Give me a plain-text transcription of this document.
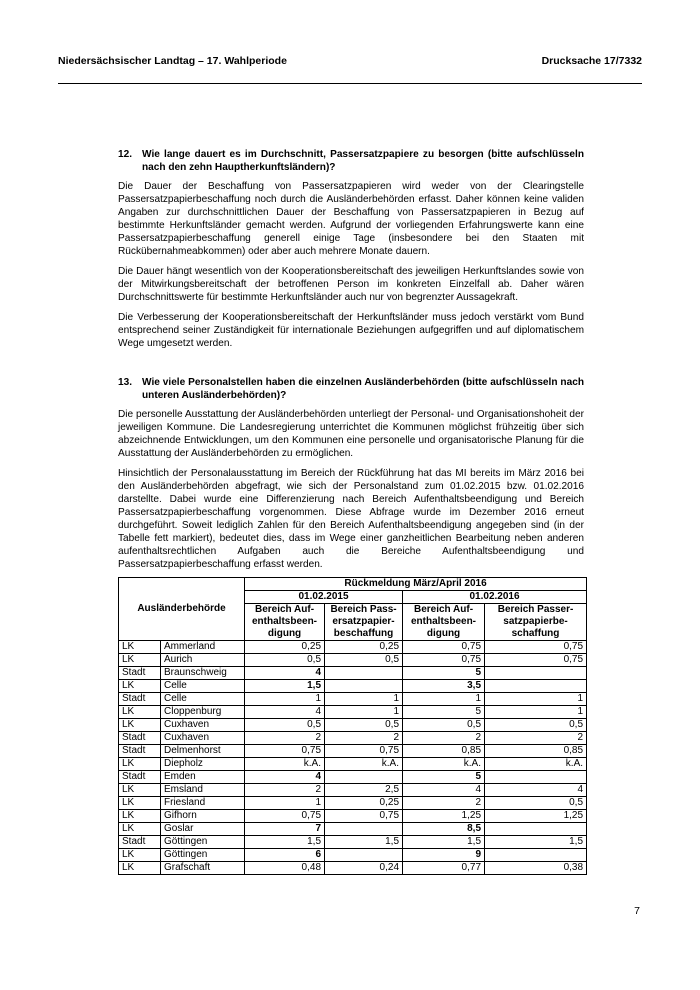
Niedersächsischer Landtag – 17. Wahlperiode	Drucksache 17/7332
12. Wie lange dauert es im Durchschnitt, Passersatzpapiere zu besorgen (bitte aufschlüsseln nach den zehn Hauptherkunftsländern)?

Die Dauer der Beschaffung von Passersatzpapieren wird weder von der Clearingstelle Passersatzpapierbeschaffung noch durch die Ausländerbehörden erfasst. Daher können keine validen Angaben zur durchschnittlichen Dauer der Beschaffung von Passersatzpapieren in Bezug auf bestimmte Herkunftsländer gemacht werden. Aufgrund der vorliegenden Erfahrungswerte kann eine Passersatzpapierbeschaffung generell einige Tage (insbesondere bei den Staaten mit Rückübernahmeabkommen) oder aber auch mehrere Monate dauern.

Die Dauer hängt wesentlich von der Kooperationsbereitschaft des jeweiligen Herkunftslandes sowie von der Mitwirkungsbereitschaft der betroffenen Person im konkreten Einzelfall ab. Daher wären Durchschnittswerte für bestimmte Herkunftsländer auch nur von begrenzter Aussagekraft.

Die Verbesserung der Kooperationsbereitschaft der Herkunftsländer muss jedoch verstärkt vom Bund entsprechend seiner Zuständigkeit für internationale Beziehungen aufgegriffen und auf diplomatischem Wege umgesetzt werden.

13. Wie viele Personalstellen haben die einzelnen Ausländerbehörden (bitte aufschlüsseln nach unteren Ausländerbehörden)?

Die personelle Ausstattung der Ausländerbehörden unterliegt der Personal- und Organisationshoheit der jeweiligen Kommune. Die Landesregierung unterrichtet die Kommunen möglichst frühzeitig über sich abzeichnende Entwicklungen, um den Kommunen eine personelle und organisatorische Planung für die Ausstattung der Ausländerbehörden zu ermöglichen.

Hinsichtlich der Personalausstattung im Bereich der Rückführung hat das MI bereits im März 2016 bei den Ausländerbehörden abgefragt, wie sich der Personalstand zum 01.02.2015 bzw. 01.02.2016 darstellte. Dabei wurde eine Differenzierung nach Bereich Aufenthaltsbeendigung und Bereich Passersatzpapierbeschaffung vorgenommen. Diese Abfrage wurde im Dezember 2016 erneut durchgeführt. Soweit lediglich Zahlen für den Bereich Aufenthaltsbeendigung angegeben sind (in der Tabelle fett markiert), bedeutet dies, dass im Wege einer ganzheitlichen Bearbeitung neben anderen aufenthaltsrechtlichen Aufgaben auch die Bereiche Aufenthaltsbeendigung und Passersatzpapierbeschaffung erfasst werden.

Ausländerbehörde		Rückmeldung März/April 2016			
		01.02.2015		01.02.2016	
		Bereich Auf-enthaltsbeen-digung	Bereich Pass-ersatzpapier-beschaffung	Bereich Auf-enthaltsbeen-digung	Bereich Passer-satzpapierbe-schaffung
LK	Ammerland	0,25	0,25	0,75	0,75
LK	Aurich	0,5	0,5	0,75	0,75
Stadt	Braunschweig	4		5	
LK	Celle	1,5		3,5	
Stadt	Celle	1	1	1	1
LK	Cloppenburg	4	1	5	1
LK	Cuxhaven	0,5	0,5	0,5	0,5
Stadt	Cuxhaven	2	2	2	2
Stadt	Delmenhorst	0,75	0,75	0,85	0,85
LK	Diepholz	k.A.	k.A.	k.A.	k.A.
Stadt	Emden	4		5	
LK	Emsland	2	2,5	4	4
LK	Friesland	1	0,25	2	0,5
LK	Gifhorn	0,75	0,75	1,25	1,25
LK	Goslar	7		8,5	
Stadt	Göttingen	1,5	1,5	1,5	1,5
LK	Göttingen	6		9	
LK	Grafschaft	0,48	0,24	0,77	0,38
7
